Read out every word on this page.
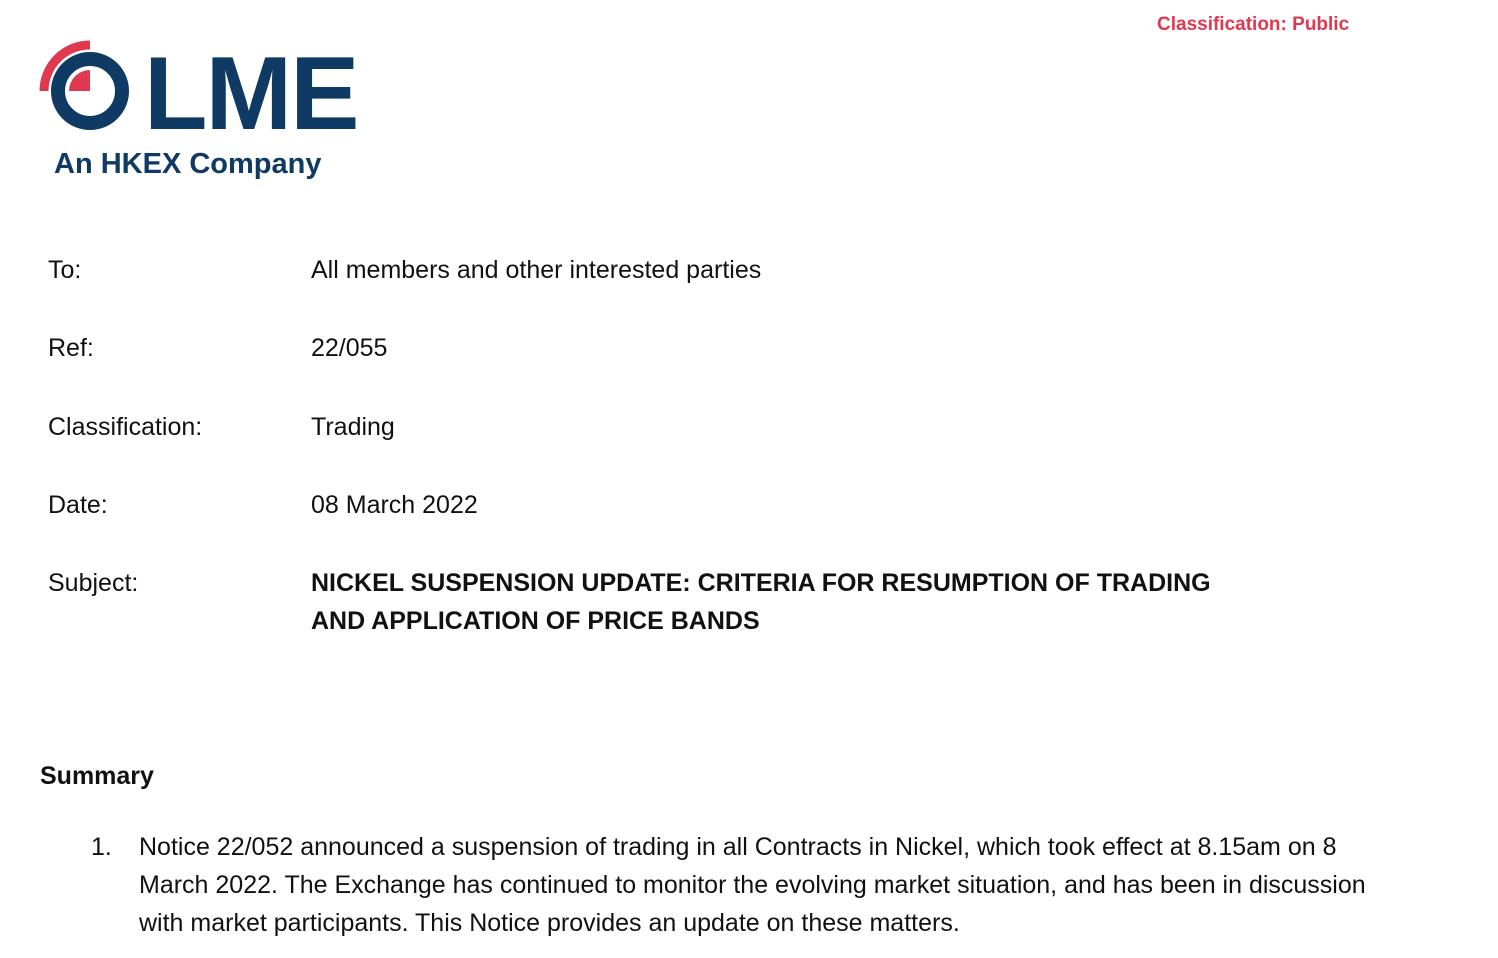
Classification: Public
LME
An HKEX Company
To:	All members and other interested parties
Ref:	22/055
Classification:	Trading
Date:	08 March 2022
Subject:	NICKEL SUSPENSION UPDATE: CRITERIA FOR RESUMPTION OF TRADING AND APPLICATION OF PRICE BANDS
Summary
1. Notice 22/052 announced a suspension of trading in all Contracts in Nickel, which took effect at 8.15am on 8 March 2022. The Exchange has continued to monitor the evolving market situation, and has been in discussion with market participants. This Notice provides an update on these matters.
